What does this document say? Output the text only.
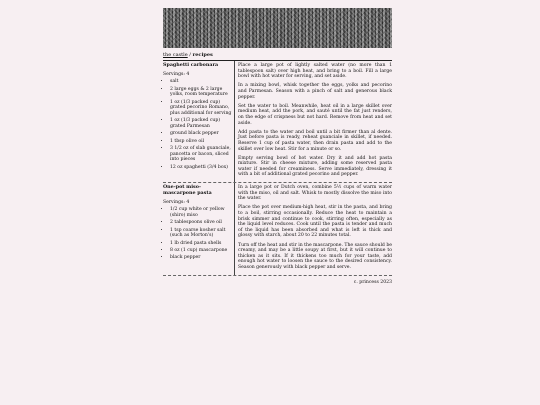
the castle / recipes
Spaghetti carbonara
Servings: 4
• salt
• 2 large eggs & 2 large yolks, room temperature
• 1 oz (1/3 packed cup) grated pecorino Romano, plus additional for serving
• 1 oz (1/3 packed cup) grated Parmesan
• ground black pepper
• 1 tbsp olive oil
• 3 1/2 oz of slab guanciale, pancetta or bacon, sliced into pieces
• 12 oz spaghetti (3/4 box)

Place a large pot of lightly salted water (no more than 1 tablespoon salt) over high heat, and bring to a boil. Fill a large bowl with hot water for serving, and set aside.

In a mixing bowl, whisk together the eggs, yolks and pecorino and Parmesan. Season with a pinch of salt and generous black pepper.

Set the water to boil. Meanwhile, heat oil in a large skillet over medium heat, add the pork, and sauté until the fat just renders, on the edge of crispness but not hard. Remove from heat and set aside.

Add pasta to the water and boil until a bit firmer than al dente. Just before pasta is ready, reheat guanciale in skillet, if needed. Reserve 1 cup of pasta water, then drain pasta and add to the skillet over low heat. Stir for a minute or so.

Empty serving bowl of hot water. Dry it and add hot pasta mixture. Stir in cheese mixture, adding some reserved pasta water if needed for creaminess. Serve immediately, dressing it with a bit of additional grated pecorino and pepper.

One-pot miso-mascarpone pasta
Servings: 4
• 1/2 cup white or yellow (shiro) miso
• 2 tablespoons olive oil
• 1 tsp coarse kosher salt (such as Morton's)
• 1 lb dried pasta shells
• 8 oz (1 cup) mascarpone
• black pepper

In a large pot or Dutch oven, combine 5½ cups of warm water with the miso, oil and salt. Whisk to mostly dissolve the miso into the water.

Place the pot over medium-high heat, stir in the pasta, and bring to a boil, stirring occasionally. Reduce the heat to maintain a brisk simmer and continue to cook, stirring often, especially as the liquid level reduces. Cook until the pasta is tender and much of the liquid has been absorbed and what is left is thick and glossy with starch, about 20 to 22 minutes total.

Turn off the heat and stir in the mascarpone. The sauce should be creamy, and may be a little soupy at first, but it will continue to thicken as it sits. If it thickens too much for your taste, add enough hot water to loosen the sauce to the desired consistency. Season generously with black pepper and serve.

c. princess 2023
